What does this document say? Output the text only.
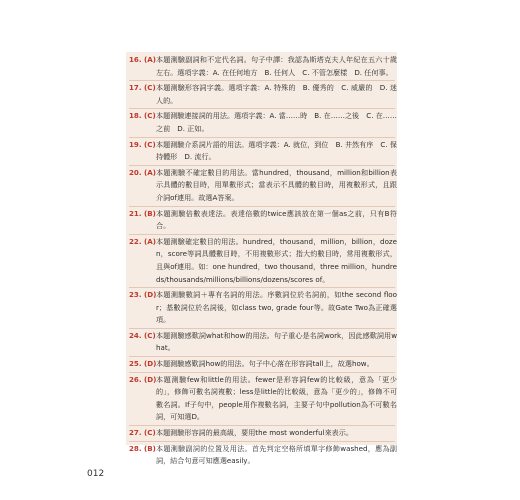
16. (A) 本題測驗副詞和不定代名詞。句子中譯：我認為斯塔克夫人年紀在五六十歲左右。選項字義：A. 在任何地方　B. 任何人　C. 不管怎麼樣　D. 任何事。
17. (C) 本題測驗形容詞字義。選項字義：A. 特殊的　B. 優秀的　C. 威嚴的　D. 迷人的。
18. (C) 本題測驗連接詞的用法。選項字義：A. 當……時　B. 在……之後　C. 在……之前　D. 正如。
19. (C) 本題測驗介系詞片語的用法。選項字義：A. 就位，到位　B. 井然有序　C. 保持體形　D. 流行。
20. (A) 本題測驗不確定數目的用法。當hundred，thousand，million和billion表示具體的數目時，用單數形式；當表示不具體的數目時，用複數形式，且跟介詞of連用。故選A答案。
21. (B) 本題測驗倍數表達法。表達倍數的twice應該放在第一個as之前，只有B符合。
22. (A) 本題測驗確定數目的用法。hundred，thousand，million，billion，dozen，score等詞具體數目時，不用複數形式；指大約數目時，常用複數形式，且與of連用。如：one hundred，two thousand，three million，hundreds/thousands/millions/billions/dozens/scores of。
23. (D) 本題測驗數詞＋專有名詞的用法。序數詞位於名詞前，如the second floor；基數詞位於名詞後，如class two, grade four等。故Gate Two為正確選項。
24. (C) 本題測驗感歎詞what和how的用法。句子重心是名詞work，因此感歎詞用what。
25. (D) 本題測驗感歎詞how的用法。句子中心落在形容詞tall上，故選how。
26. (D) 本題測驗few和little的用法。fewer是形容詞few的比較級，意為「更少的」，修飾可數名詞複數；less是little的比較級，意為「更少的」，修飾不可數名詞。If子句中，people用作複數名詞，主要子句中pollution為不可數名詞，可知選D。
27. (C) 本題測驗形容詞的最高級，要用the most wonderful來表示。
28. (B) 本題測驗副詞的位置及用法。首先判定空格所填單字修飾washed，應為副詞，結合句意可知應選easily。
012
